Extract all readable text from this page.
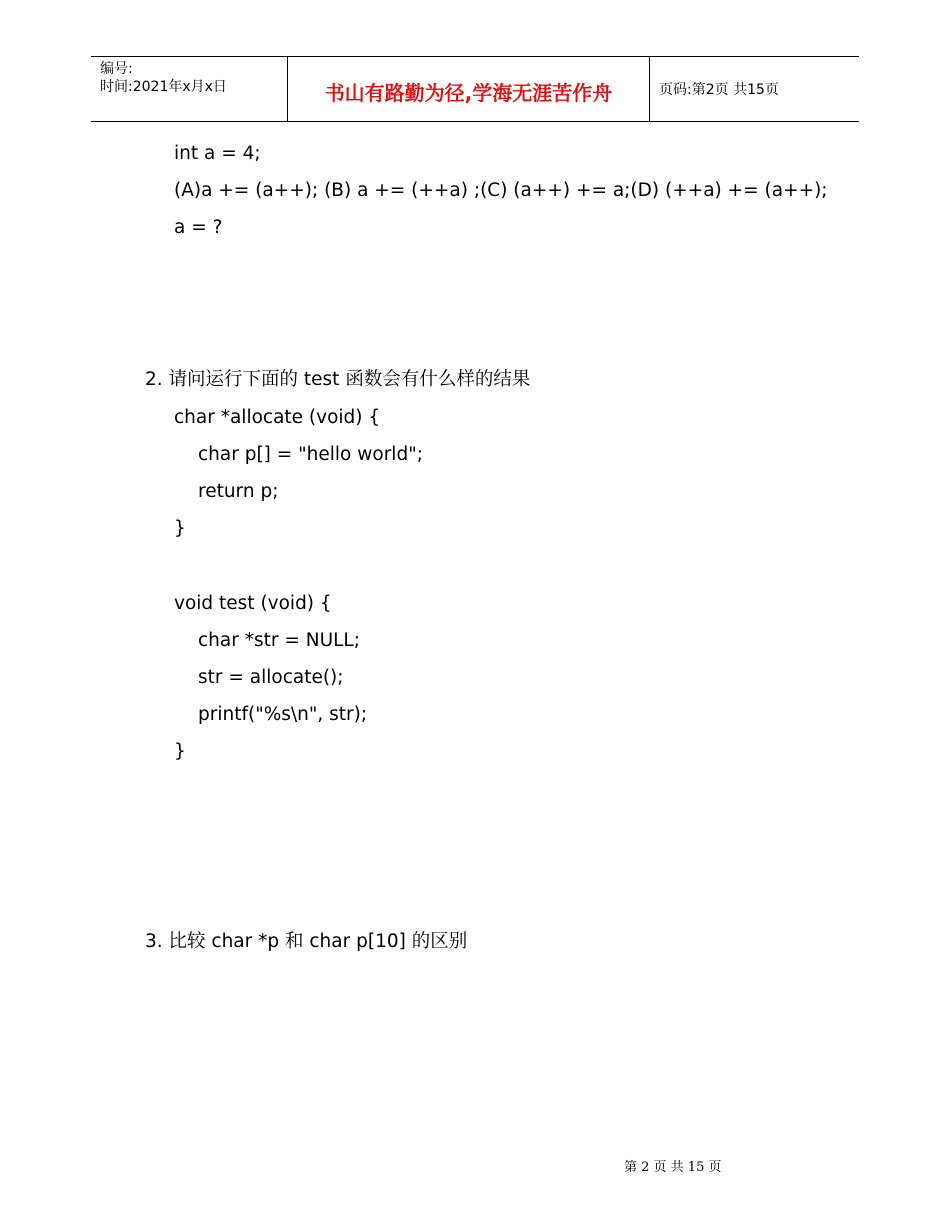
编号:
时间:2021年x月x日	书山有路勤为径,学海无涯苦作舟	页码:第2页 共15页
int a = 4;
(A)a += (a++); (B) a += (++a) ;(C) (a++) += a;(D) (++a) += (a++);
a = ?
2. 请问运行下面的 test 函数会有什么样的结果
char *allocate (void) {
char p[] = "hello world";
return p;
}
void test (void) {
char *str = NULL;
str = allocate();
printf("%s\n", str);
}
3. 比较 char *p 和 char p[10] 的区别
第 2 页 共 15 页
